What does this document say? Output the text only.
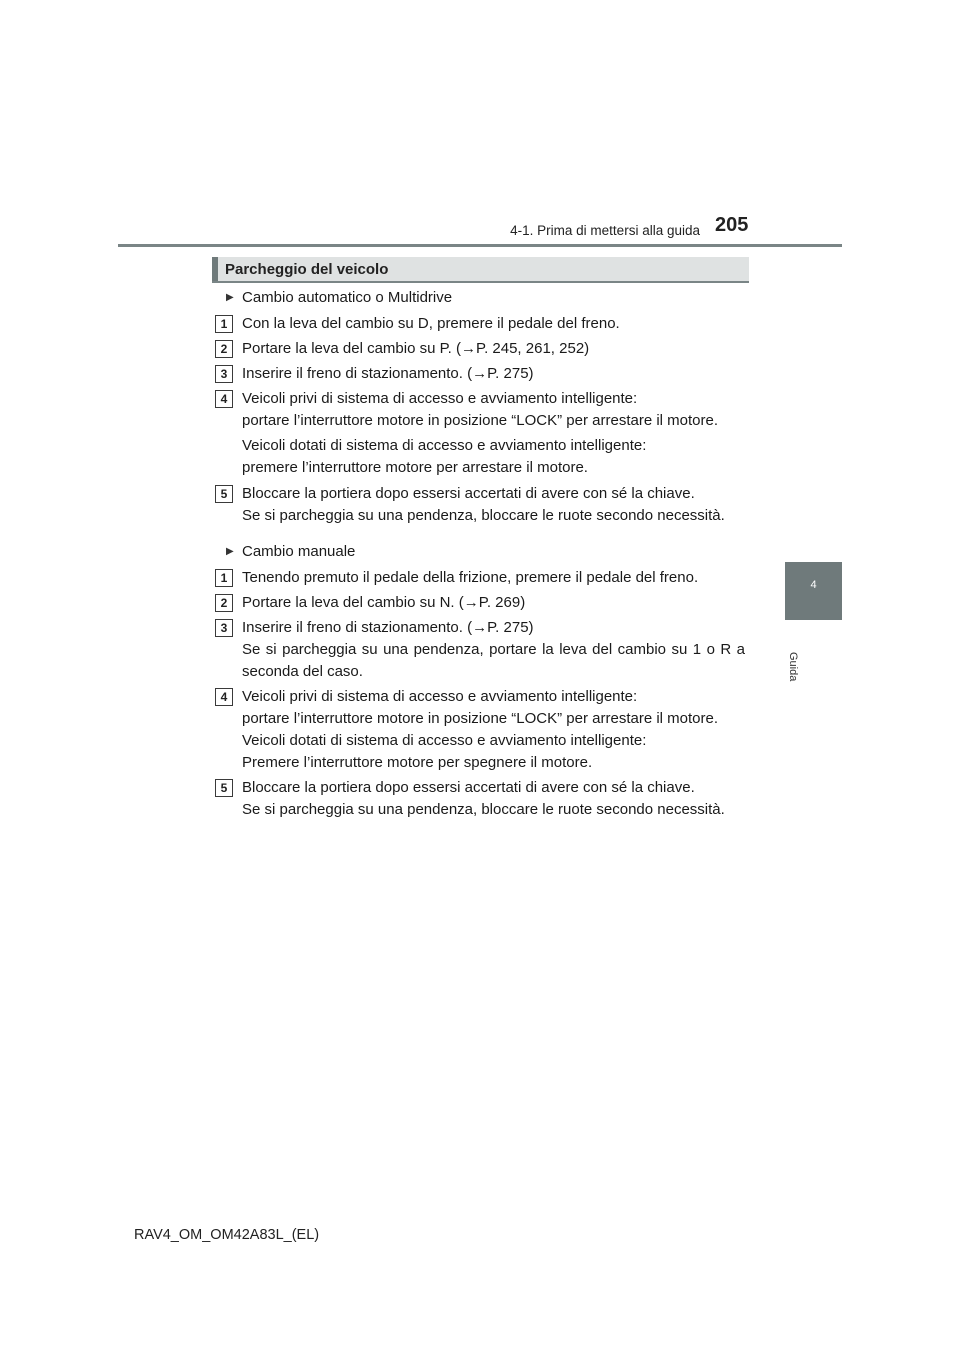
4-1. Prima di mettersi alla guida 205
4
Guida
Parcheggio del veicolo
▶ Cambio automatico o Multidrive
1 Con la leva del cambio su D, premere il pedale del freno.
2 Portare la leva del cambio su P. (→P. 245, 261, 252)
3 Inserire il freno di stazionamento. (→P. 275)
4 Veicoli privi di sistema di accesso e avviamento intelligente:
portare l’interruttore motore in posizione “LOCK” per arrestare il motore.
Veicoli dotati di sistema di accesso e avviamento intelligente:
premere l’interruttore motore per arrestare il motore.
5 Bloccare la portiera dopo essersi accertati di avere con sé la chiave.
Se si parcheggia su una pendenza, bloccare le ruote secondo necessità.
▶ Cambio manuale
1 Tenendo premuto il pedale della frizione, premere il pedale del freno.
2 Portare la leva del cambio su N. (→P. 269)
3 Inserire il freno di stazionamento. (→P. 275)
Se si parcheggia su una pendenza, portare la leva del cambio su 1 o R a
seconda del caso.
4 Veicoli privi di sistema di accesso e avviamento intelligente:
portare l’interruttore motore in posizione “LOCK” per arrestare il motore.
Veicoli dotati di sistema di accesso e avviamento intelligente:
Premere l’interruttore motore per spegnere il motore.
5 Bloccare la portiera dopo essersi accertati di avere con sé la chiave.
Se si parcheggia su una pendenza, bloccare le ruote secondo necessità.
RAV4_OM_OM42A83L_(EL)
